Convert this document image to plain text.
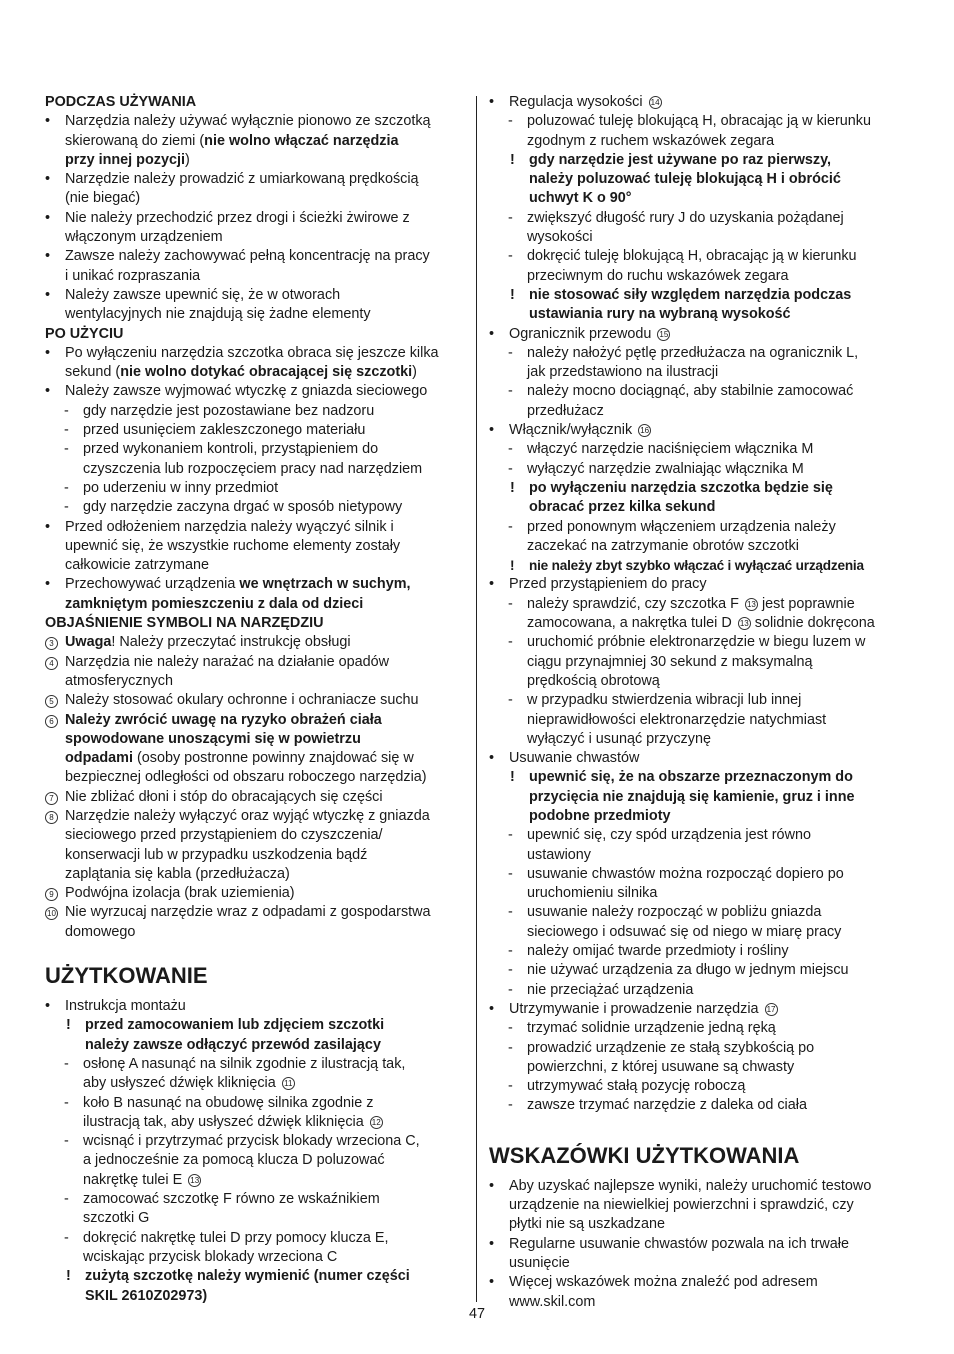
PODCZAS UŻYWANIA
• Narzędzia należy używać wyłącznie pionowo ze szczotką
skierowaną do ziemi (nie wolno włączać narzędzia
przy innej pozycji)
• Narzędzie należy prowadzić z umiarkowaną prędkością
(nie biegać)
• Nie należy przechodzić przez drogi i ścieżki żwirowe z
włączonym urządzeniem
• Zawsze należy zachowywać pełną koncentrację na pracy
i unikać rozpraszania
• Należy zawsze upewnić się, że w otworach
wentylacyjnych nie znajdują się żadne elementy
PO UŻYCIU
• Po wyłączeniu narzędzia szczotka obraca się jeszcze kilka
sekund (nie wolno dotykać obracającej się szczotki)
• Należy zawsze wyjmować wtyczkę z gniazda sieciowego
- gdy narzędzie jest pozostawiane bez nadzoru
- przed usunięciem zakleszczonego materiału
- przed wykonaniem kontroli, przystąpieniem do
czyszczenia lub rozpoczęciem pracy nad narzędziem
- po uderzeniu w inny przedmiot
- gdy narzędzie zaczyna drgać w sposób nietypowy
• Przed odłożeniem narzędzia należy wyączyć silnik i
upewnić się, że wszystkie ruchome elementy zostały
całkowicie zatrzymane
• Przechowywać urządzenia we wnętrzach w suchym,
zamkniętym pomieszczeniu z dala od dzieci
OBJAŚNIENIE SYMBOLI NA NARZĘDZIU
3 Uwaga! Należy przeczytać instrukcję obsługi
4 Narzędzia nie należy narażać na działanie opadów
atmosferycznych
5 Należy stosować okulary ochronne i ochraniacze suchu
6 Należy zwrócić uwagę na ryzyko obrażeń ciała
spowodowane unoszącymi się w powietrzu
odpadami (osoby postronne powinny znajdować się w
bezpiecznej odległości od obszaru roboczego narzędzia)
7 Nie zbliżać dłoni i stóp do obracających się części
8 Narzędzie należy wyłączyć oraz wyjąć wtyczkę z gniazda
sieciowego przed przystąpieniem do czyszczenia/
konserwacji lub w przypadku uszkodzenia bądź
zaplątania się kabla (przedłużacza)
9 Podwójna izolacja (brak uziemienia)
10 Nie wyrzucaj narzędzie wraz z odpadami z gospodarstwa
domowego
UŻYTKOWANIE
• Instrukcja montażu
! przed zamocowaniem lub zdjęciem szczotki
należy zawsze odłączyć przewód zasilający
- osłonę A nasunąć na silnik zgodnie z ilustracją tak,
aby usłyszeć dźwięk kliknięcia 11
- koło B nasunąć na obudowę silnika zgodnie z
ilustracją tak, aby usłyszeć dźwięk kliknięcia 12
- wcisnąć i przytrzymać przycisk blokady wrzeciona C,
a jednocześnie za pomocą klucza D poluzować
nakrętkę tulei E 13
- zamocować szczotkę F równo ze wskaźnikiem
szczotki G
- dokręcić nakrętkę tulei D przy pomocy klucza E,
wciskając przycisk blokady wrzeciona C
! zużytą szczotkę należy wymienić (numer części
SKIL 2610Z02973)
• Regulacja wysokości 14
- poluzować tuleję blokującą H, obracając ją w kierunku
zgodnym z ruchem wskazówek zegara
! gdy narzędzie jest używane po raz pierwszy,
należy poluzować tuleję blokującą H i obrócić
uchwyt K o 90°
- zwiększyć długość rury J do uzyskania pożądanej
wysokości
- dokręcić tuleję blokującą H, obracając ją w kierunku
przeciwnym do ruchu wskazówek zegara
! nie stosować siły względem narzędzia podczas
ustawiania rury na wybraną wysokość
• Ogranicznik przewodu 15
- należy nałożyć pętlę przedłużacza na ogranicznik L,
jak przedstawiono na ilustracji
- należy mocno dociągnąć, aby stabilnie zamocować
przedłużacz
• Włącznik/wyłącznik 16
- włączyć narzędzie naciśnięciem włącznika M
- wyłączyć narzędzie zwalniając włącznika M
! po wyłączeniu narzędzia szczotka będzie się
obracać przez kilka sekund
- przed ponownym włączeniem urządzenia należy
zaczekać na zatrzymanie obrotów szczotki
! nie należy zbyt szybko włączać i wyłączać urządzenia
• Przed przystąpieniem do pracy
- należy sprawdzić, czy szczotka F 13 jest poprawnie
zamocowana, a nakrętka tulei D 13 solidnie dokręcona
- uruchomić próbnie elektronarzędzie w biegu luzem w
ciągu przynajmniej 30 sekund z maksymalną
prędkością obrotową
- w przypadku stwierdzenia wibracji lub innej
nieprawidłowości elektronarzędzie natychmiast
wyłączyć i usunąć przyczynę
• Usuwanie chwastów
! upewnić się, że na obszarze przeznaczonym do
przycięcia nie znajdują się kamienie, gruz i inne
podobne przedmioty
- upewnić się, czy spód urządzenia jest równo
ustawiony
- usuwanie chwastów można rozpocząć dopiero po
uruchomieniu silnika
- usuwanie należy rozpocząć w pobliżu gniazda
sieciowego i odsuwać się od niego w miarę pracy
- należy omijać twarde przedmioty i rośliny
- nie używać urządzenia za długo w jednym miejscu
- nie przeciążać urządzenia
• Utrzymywanie i prowadzenie narzędzia 17
- trzymać solidnie urządzenie jedną ręką
- prowadzić urządzenie ze stałą szybkością po
powierzchni, z której usuwane są chwasty
- utrzymywać stałą pozycję roboczą
- zawsze trzymać narzędzie z daleka od ciała
WSKAZÓWKI UŻYTKOWANIA
• Aby uzyskać najlepsze wyniki, należy uruchomić testowo
urządzenie na niewielkiej powierzchni i sprawdzić, czy
płytki nie są uszkadzane
• Regularne usuwanie chwastów pozwala na ich trwałe
usunięcie
• Więcej wskazówek można znaleźć pod adresem
www.skil.com
47
